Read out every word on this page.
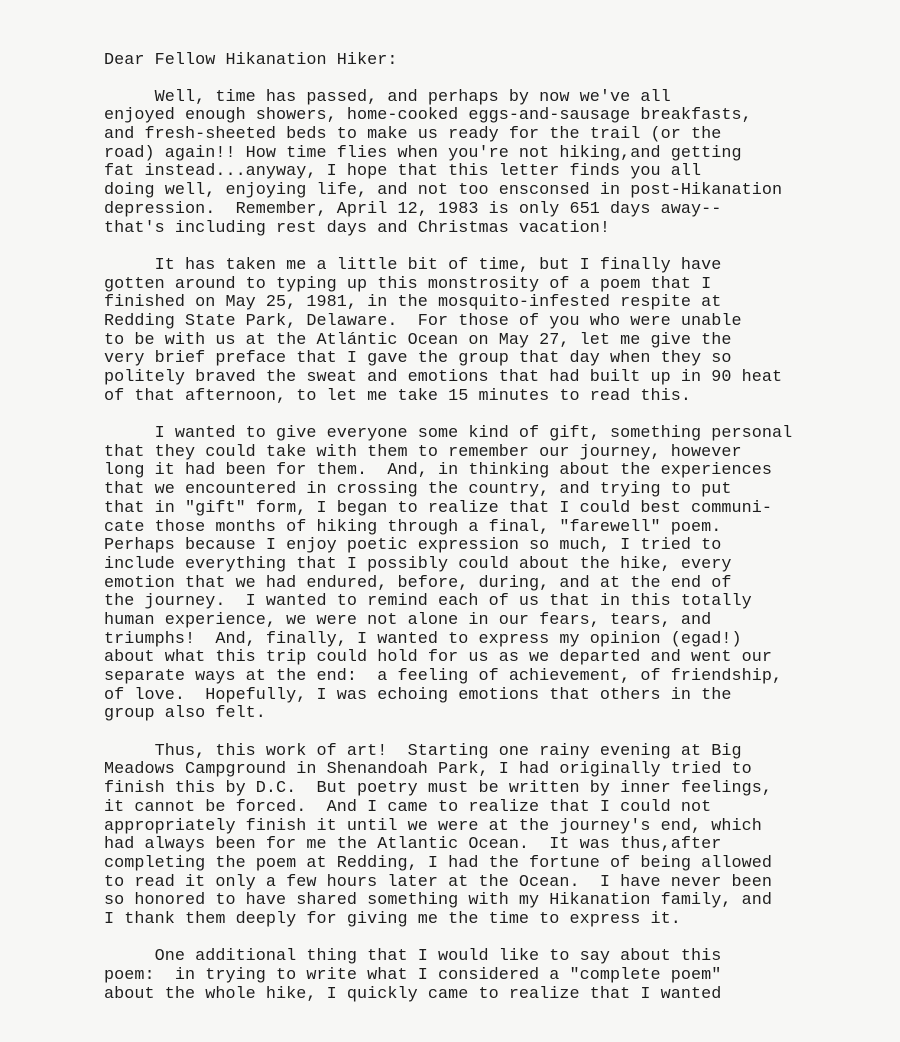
Dear Fellow Hikanation Hiker:
Well, time has passed, and perhaps by now we've all
enjoyed enough showers, home-cooked eggs-and-sausage breakfasts,
and fresh-sheeted beds to make us ready for the trail (or the
road) again!! How time flies when you're not hiking,and getting
fat instead...anyway, I hope that this letter finds you all
doing well, enjoying life, and not too ensconsed in post-Hikanation
depression.  Remember, April 12, 1983 is only 651 days away--
that's including rest days and Christmas vacation!
It has taken me a little bit of time, but I finally have
gotten around to typing up this monstrosity of a poem that I
finished on May 25, 1981, in the mosquito-infested respite at
Redding State Park, Delaware.  For those of you who were unable
to be with us at the Atlántic Ocean on May 27, let me give the
very brief preface that I gave the group that day when they so
politely braved the sweat and emotions that had built up in 90 heat
of that afternoon, to let me take 15 minutes to read this.
I wanted to give everyone some kind of gift, something personal
that they could take with them to remember our journey, however
long it had been for them.  And, in thinking about the experiences
that we encountered in crossing the country, and trying to put
that in "gift" form, I began to realize that I could best communi-
cate those months of hiking through a final, "farewell" poem.
Perhaps because I enjoy poetic expression so much, I tried to
include everything that I possibly could about the hike, every
emotion that we had endured, before, during, and at the end of
the journey.  I wanted to remind each of us that in this totally
human experience, we were not alone in our fears, tears, and
triumphs!  And, finally, I wanted to express my opinion (egad!)
about what this trip could hold for us as we departed and went our
separate ways at the end:  a feeling of achievement, of friendship,
of love.  Hopefully, I was echoing emotions that others in the
group also felt.
Thus, this work of art!  Starting one rainy evening at Big
Meadows Campground in Shenandoah Park, I had originally tried to
finish this by D.C.  But poetry must be written by inner feelings,
it cannot be forced.  And I came to realize that I could not
appropriately finish it until we were at the journey's end, which
had always been for me the Atlantic Ocean.  It was thus,after
completing the poem at Redding, I had the fortune of being allowed
to read it only a few hours later at the Ocean.  I have never been
so honored to have shared something with my Hikanation family, and
I thank them deeply for giving me the time to express it.
One additional thing that I would like to say about this
poem:  in trying to write what I considered a "complete poem"
about the whole hike, I quickly came to realize that I wanted
